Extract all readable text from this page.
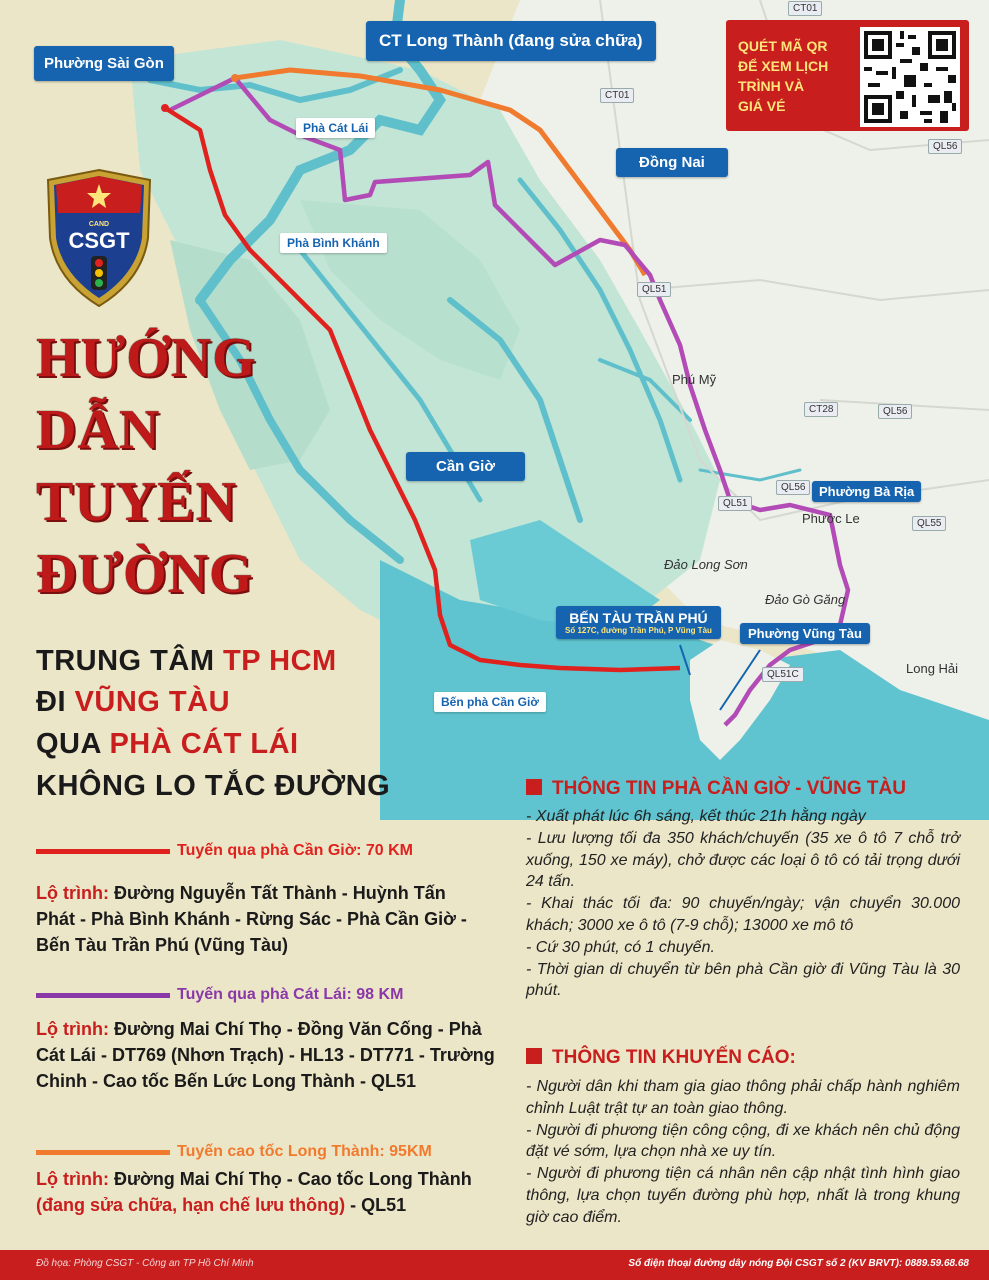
Phường Sài Gòn
CT Long Thành (đang sửa chữa)
Phà Cát Lái
Phà Bình Khánh
Đồng Nai
Cần Giờ
Phú Mỹ
Phường Bà Rịa
Phước Le
Đảo Long Sơn
Đảo Gò Găng
BẾN TÀU TRẦN PHÚ
Số 127C, đường Trần Phú, P Vũng Tàu	Phường Vũng Tàu
Long Hải
Bến phà Cần Giờ
CT01
CT01
QL56
QL51
CT28	QL56
QL51
QL56
QL55
QL51C
QUÉT MÃ QR
ĐỂ XEM LỊCH
TRÌNH VÀ
GIÁ VÉ
CAND
CSGT
HƯỚNG
DẪN
TUYẾN
ĐƯỜNG
TRUNG TÂM TP HCM
ĐI VŨNG TÀU
QUA PHÀ CÁT LÁI
KHÔNG LO TẮC ĐƯỜNG
Tuyến qua phà Cần Giờ: 70 KM
Lộ trình: Đường Nguyễn Tất Thành - Huỳnh Tấn Phát - Phà Bình Khánh - Rừng Sác - Phà Cần Giờ - Bến Tàu Trần Phú (Vũng Tàu)
Tuyến qua phà Cát Lái: 98 KM
Lộ trình: Đường Mai Chí Thọ - Đồng Văn Cống - Phà Cát Lái - DT769 (Nhơn Trạch) - HL13 - DT771 - Trường Chinh - Cao tốc Bến Lức Long Thành - QL51
Tuyến cao tốc Long Thành: 95KM
Lộ trình: Đường Mai Chí Thọ - Cao tốc Long Thành (đang sửa chữa, hạn chế lưu thông) - QL51
THÔNG TIN PHÀ CẦN GIỜ - VŨNG TÀU
- Xuất phát lúc 6h sáng, kết thúc 21h hằng ngày
- Lưu lượng tối đa 350 khách/chuyến (35 xe ô tô 7 chỗ trở xuống, 150 xe máy), chở được các loại ô tô có tải trọng dưới 24 tấn.
- Khai thác tối đa: 90 chuyến/ngày; vận chuyển 30.000 khách; 3000 xe ô tô (7-9 chỗ); 13000 xe mô tô
- Cứ 30 phút, có 1 chuyến.
- Thời gian di chuyển từ bên phà Cần giờ đi Vũng Tàu là 30 phút.
THÔNG TIN KHUYẾN CÁO:
- Người dân khi tham gia giao thông phải chấp hành nghiêm chỉnh Luật trật tự an toàn giao thông.
- Người đi phương tiện công cộng, đi xe khách nên chủ động đặt vé sớm, lựa chọn nhà xe uy tín.
- Người đi phương tiện cá nhân nên cập nhật tình hình giao thông, lựa chọn tuyến đường phù hợp, nhất là trong khung giờ cao điểm.
Đồ họa: Phòng CSGT - Công an TP Hồ Chí Minh	Số điện thoại đường dây nóng Đội CSGT số 2 (KV BRVT): 0889.59.68.68
